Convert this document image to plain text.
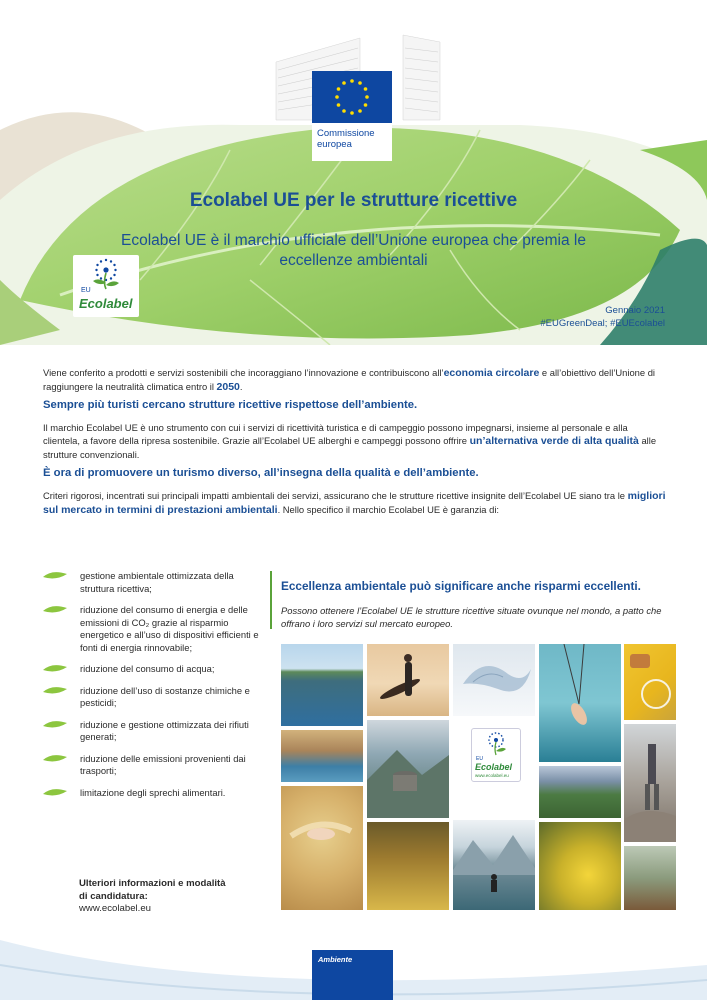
Commissione
europea
Ecolabel UE per le strutture ricettive
Ecolabel UE è il marchio ufficiale dell’Unione europea che premia le eccellenze ambientali
EU
Ecolabel	Gennaio 2021
#EUGreenDeal; #EUEcolabel
Viene conferito a prodotti e servizi sostenibili che incoraggiano l’innovazione e contribuiscono all’economia circolare e all’obiettivo dell’Unione di raggiungere la neutralità climatica entro il 2050.
Sempre più turisti cercano strutture ricettive rispettose dell’ambiente.
Il marchio Ecolabel UE è uno strumento con cui i servizi di ricettività turistica e di campeggio possono impegnarsi, insieme al personale e alla clientela, a favore della ripresa sostenibile. Grazie all’Ecolabel UE alberghi e campeggi possono offrire un’alternativa verde di alta qualità alle strutture convenzionali.
È ora di promuovere un turismo diverso, all’insegna della qualità e dell’ambiente.
Criteri rigorosi, incentrati sui principali impatti ambientali dei servizi, assicurano che le strutture ricettive insignite dell’Ecolabel UE siano tra le migliori sul mercato in termini di prestazioni ambientali. Nello specifico il marchio Ecolabel UE è garanzia di:
gestione ambientale ottimizzata della struttura ricettiva;
riduzione del consumo di energia e delle emissioni di CO₂ grazie al risparmio energetico e all’uso di dispositivi efficienti e fonti di energia rinnovabile;
riduzione del consumo di acqua;
riduzione dell’uso di sostanze chimiche e pesticidi;
riduzione e gestione ottimizzata dei rifiuti generati;
riduzione delle emissioni provenienti dai trasporti;
limitazione degli sprechi alimentari.
Ulteriori informazioni e modalità
di candidatura:
www.ecolabel.eu
Eccellenza ambientale può significare anche risparmi eccellenti.
Possono ottenere l’Ecolabel UE le strutture ricettive situate ovunque nel mondo, a patto che offrano i loro servizi sul mercato europeo.
EU
Ecolabel
www.ecolabel.eu
Ambiente
